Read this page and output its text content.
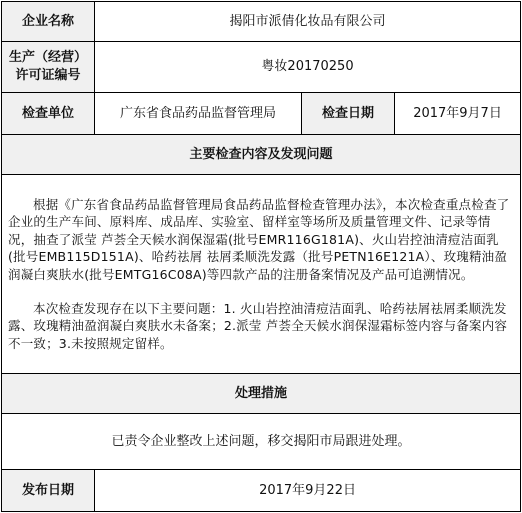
企业名称	揭阳市派倩化妆品有限公司		

生产（经营）
许可证编号	粤妆20170250		
检查单位	广东省食品药品监督管理局	检查日期	2017年9月7日
主要检查内容及发现问题			

根据《广东省食品药品监督管理局食品药品监督检查管理办法》，本次检查重点检查了企业的生产车间、原料库、成品库、实验室、留样室等场所及质量管理文件、记录等情况，抽查了派莹 芦荟全天候水润保湿霜(批号EMR116G181A)、火山岩控油清痘洁面乳(批号EMB115D151A)、哈药祛屑 祛屑柔顺洗发露（批号PETN16E121A）、玫瑰精油盈润凝白爽肤水(批号EMTG16C08A)等四款产品的注册备案情况及产品可追溯情况。

本次检查发现存在以下主要问题：1. 火山岩控油清痘洁面乳、哈药祛屑祛屑柔顺洗发露、玫瑰精油盈润凝白爽肤水未备案；2.派莹 芦荟全天候水润保湿霜标签内容与备案内容不一致；3.未按照规定留样。			

处理措施			
已责令企业整改上述问题，移交揭阳市局跟进处理。			
发布日期	2017年9月22日		
